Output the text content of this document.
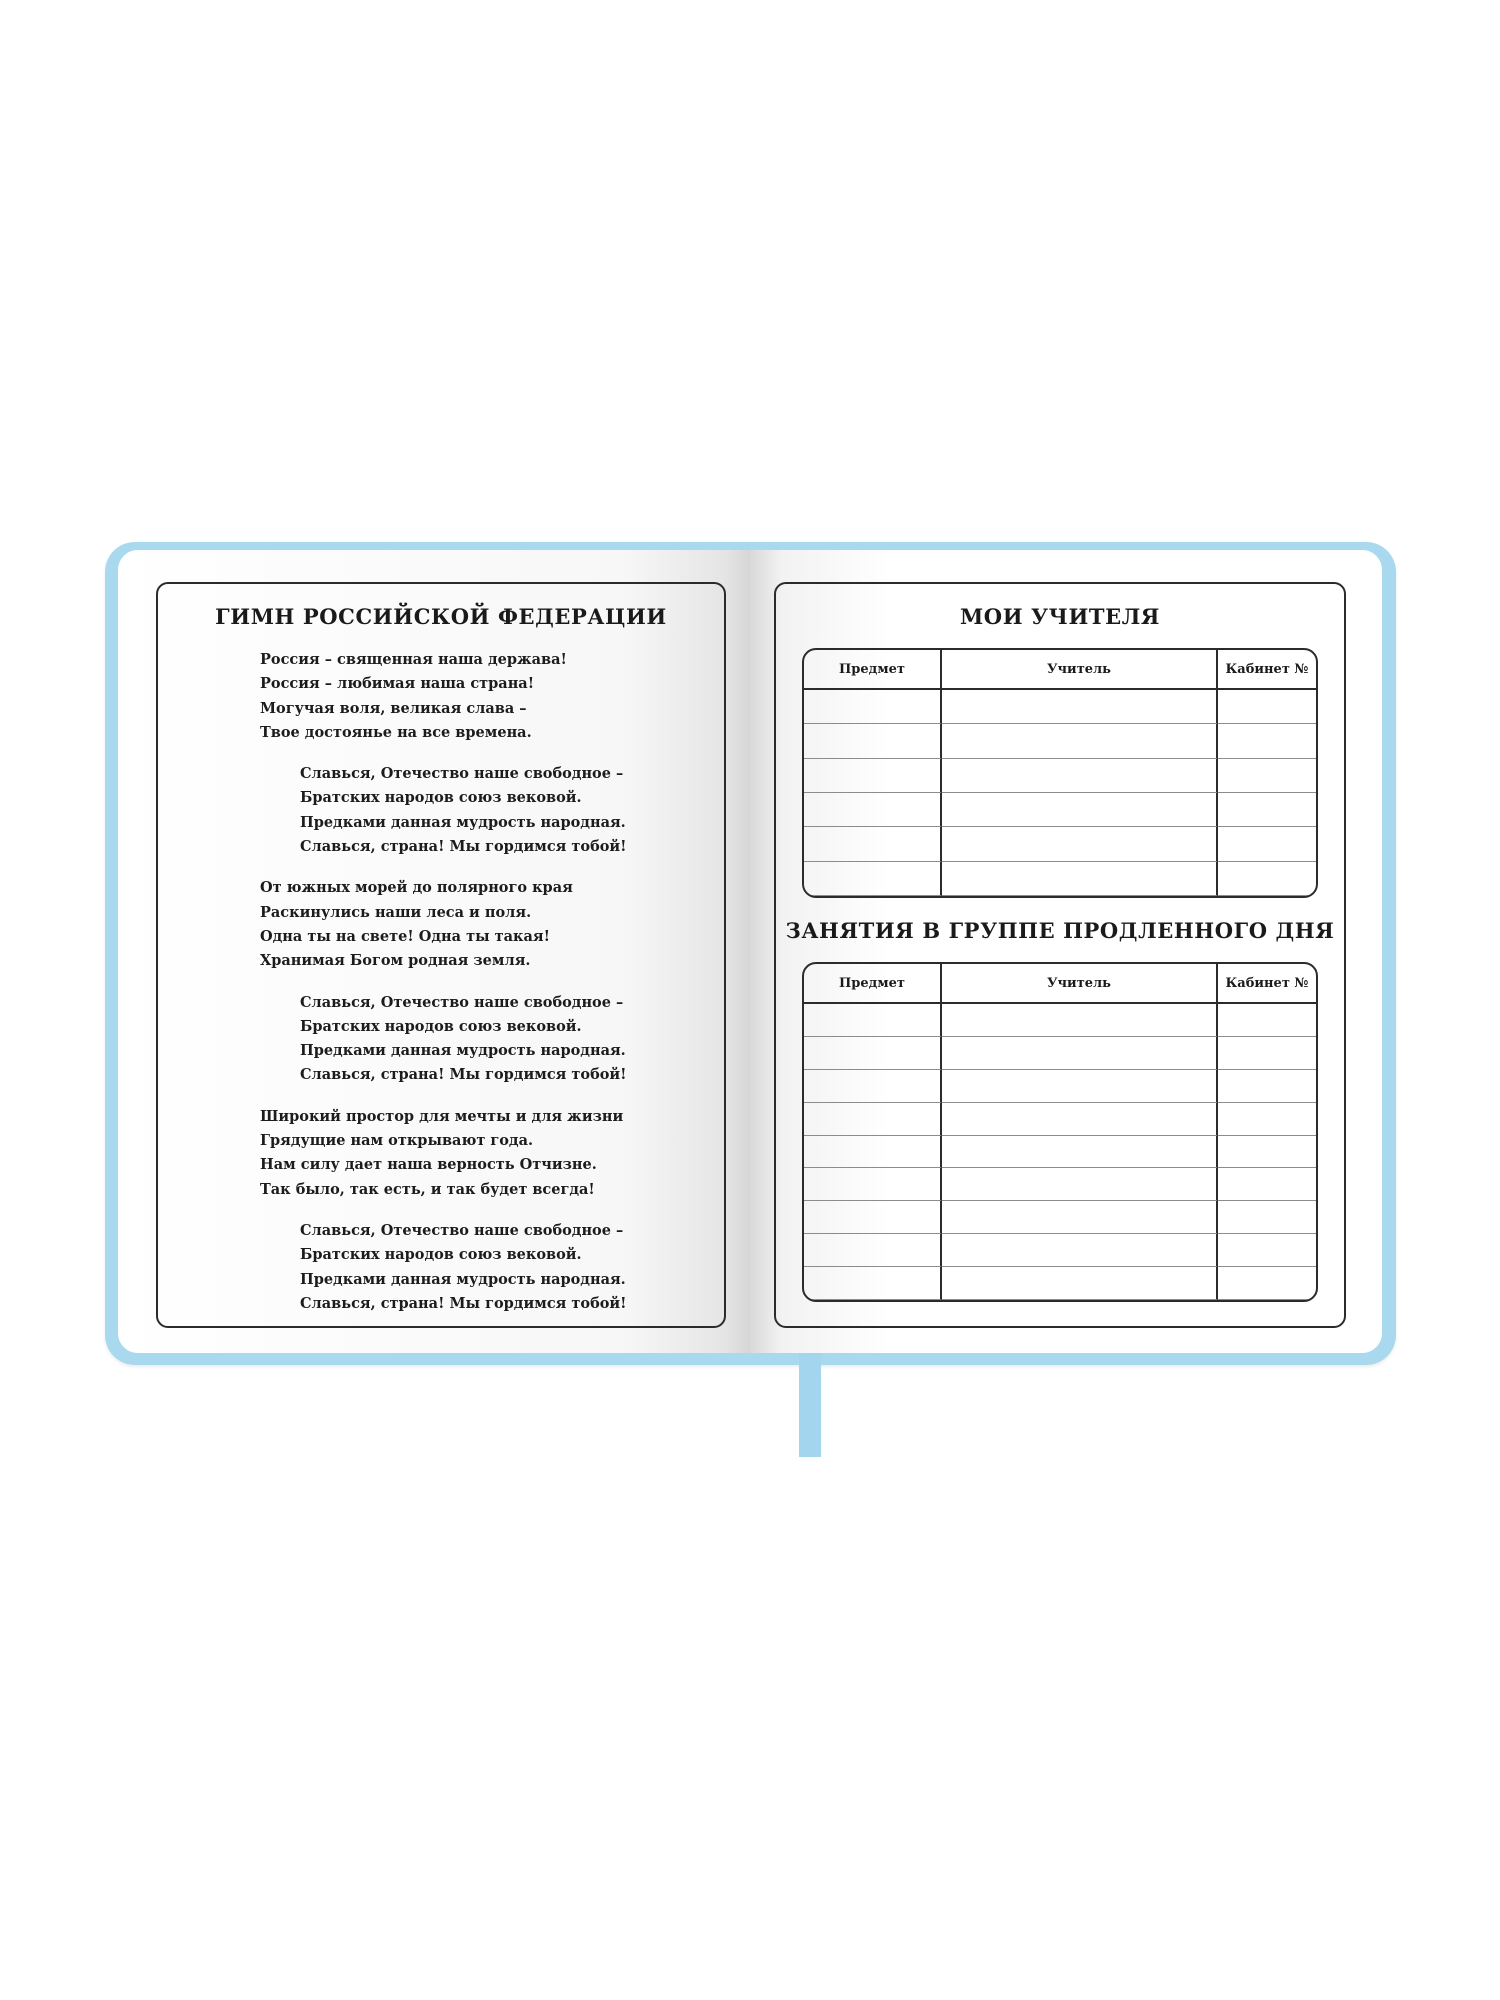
ГИМН РОССИЙСКОЙ ФЕДЕРАЦИИ
Россия – священная наша держава!
Россия – любимая наша страна!
Могучая воля, великая слава –
Твое достоянье на все времена.
Славься, Отечество наше свободное –
Братских народов союз вековой.
Предками данная мудрость народная.
Славься, страна! Мы гордимся тобой!
От южных морей до полярного края
Раскинулись наши леса и поля.
Одна ты на свете! Одна ты такая!
Хранимая Богом родная земля.
Славься, Отечество наше свободное –
Братских народов союз вековой.
Предками данная мудрость народная.
Славься, страна! Мы гордимся тобой!
Широкий простор для мечты и для жизни
Грядущие нам открывают года.
Нам силу дает наша верность Отчизне.
Так было, так есть, и так будет всегда!
Славься, Отечество наше свободное –
Братских народов союз вековой.
Предками данная мудрость народная.
Славься, страна! Мы гордимся тобой!
МОИ УЧИТЕЛЯ
Предмет	Учитель	Кабинет №

ЗАНЯТИЯ В ГРУППЕ ПРОДЛЕННОГО ДНЯ
Предмет	Учитель	Кабинет №
